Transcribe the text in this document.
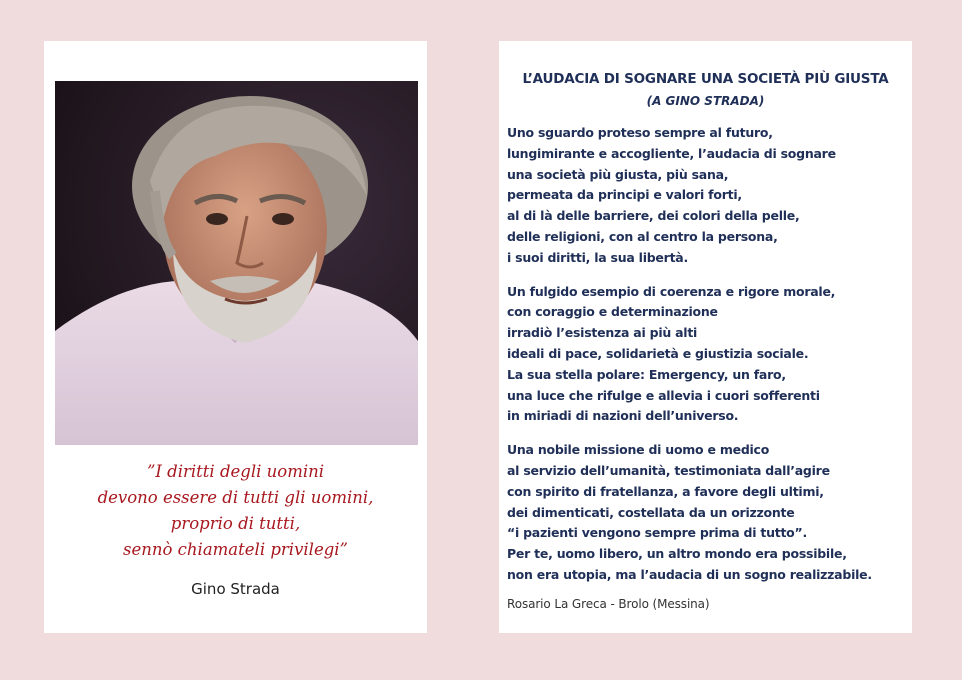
”I diritti degli uomini
devono essere di tutti gli uomini,
proprio di tutti,
sennò chiamateli privilegi”
Gino Strada
L’AUDACIA DI SOGNARE UNA SOCIETÀ PIÙ GIUSTA
(A GINO STRADA)
Uno sguardo proteso sempre al futuro,
lungimirante e accogliente, l’audacia di sognare
una società più giusta, più sana,
permeata da principi e valori forti,
al di là delle barriere, dei colori della pelle,
delle religioni, con al centro la persona,
i suoi diritti, la sua libertà.
Un fulgido esempio di coerenza e rigore morale,
con coraggio e determinazione
irradiò l’esistenza ai più alti
ideali di pace, solidarietà e giustizia sociale.
La sua stella polare: Emergency, un faro,
una luce che rifulge e allevia i cuori sofferenti
in miriadi di nazioni dell’universo.
Una nobile missione di uomo e medico
al servizio dell’umanità, testimoniata dall’agire
con spirito di fratellanza, a favore degli ultimi,
dei dimenticati, costellata da un orizzonte
“i pazienti vengono sempre prima di tutto”.
Per te, uomo libero, un altro mondo era possibile,
non era utopia, ma l’audacia di un sogno realizzabile.
Rosario La Greca - Brolo (Messina)
